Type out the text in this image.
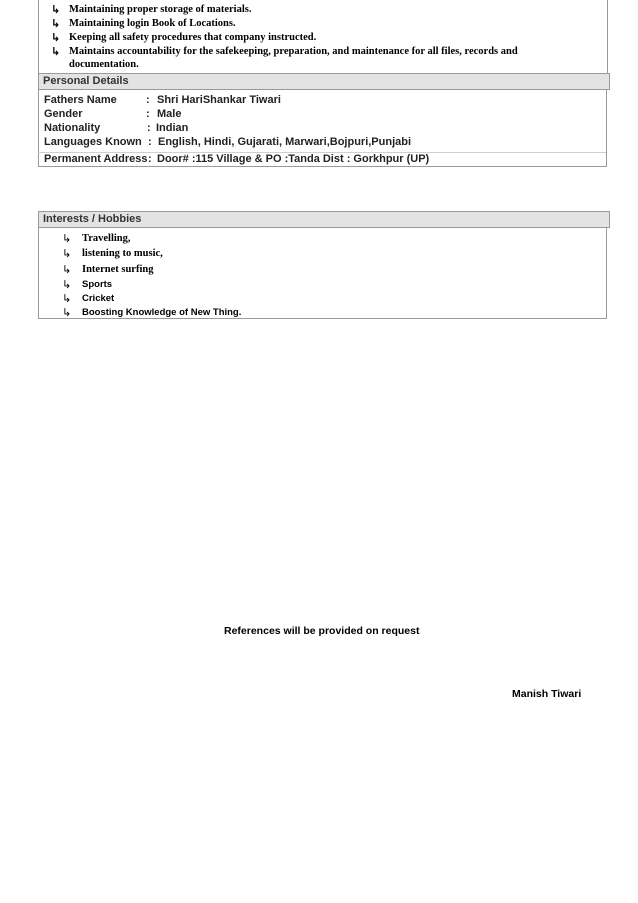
↳ Maintaining proper storage of materials.
↳ Maintaining login Book of Locations.
↳ Keeping all safety procedures that company instructed.
↳ Maintains accountability for the safekeeping, preparation, and maintenance for all files, records and documentation.
Personal Details
Fathers Name	: Shri HariShankar Tiwari
Gender	: Male
Nationality	: Indian
Languages Known : English, Hindi, Gujarati, Marwari,Bojpuri,Punjabi
Permanent Address : Door# :115 Village & PO :Tanda Dist : Gorkhpur (UP)
Interests / Hobbies
↳	Travelling,
↳	listening to music,
↳	Internet surfing
↳	Sports
↳	Cricket
↳	Boosting Knowledge of New Thing.
References will be provided on request
Manish Tiwari
